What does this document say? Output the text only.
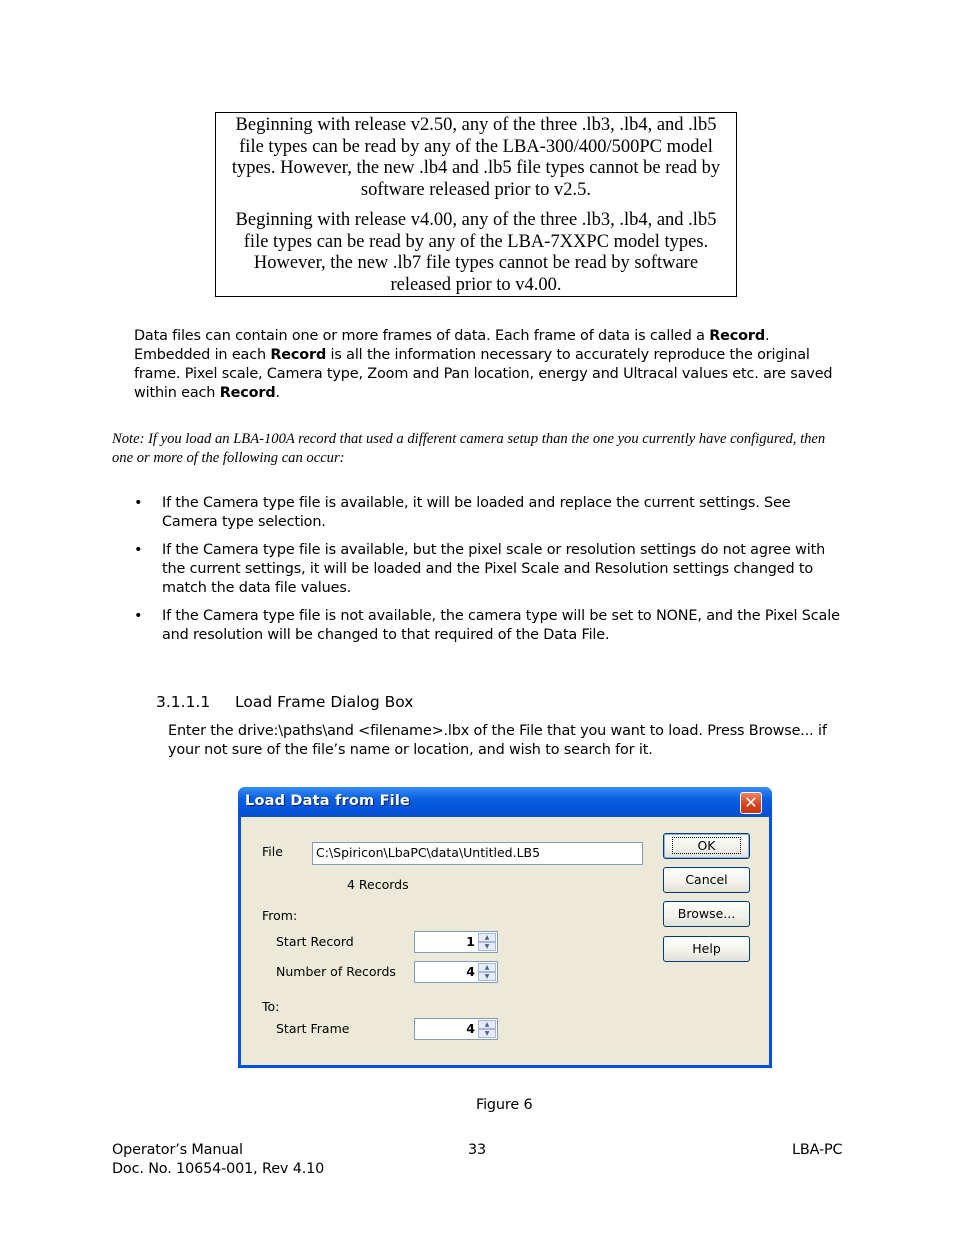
Beginning with release v2.50, any of the three .lb3, .lb4, and .lb5 file types can be read by any of the LBA-300/400/500PC model types. However, the new .lb4 and .lb5 file types cannot be read by software released prior to v2.5.

Beginning with release v4.00, any of the three .lb3, .lb4, and .lb5 file types can be read by any of the LBA-7XXPC model types. However, the new .lb7 file types cannot be read by software released prior to v4.00.

Data files can contain one or more frames of data. Each frame of data is called a Record.
Embedded in each Record is all the information necessary to accurately reproduce the original frame. Pixel scale, Camera type, Zoom and Pan location, energy and Ultracal values etc. are saved within each Record.
Note: If you load an LBA-100A record that used a different camera setup than the one you currently have configured, then one or more of the following can occur:
• If the Camera type file is available, it will be loaded and replace the current settings. See Camera type selection.
• If the Camera type file is available, but the pixel scale or resolution settings do not agree with the current settings, it will be loaded and the Pixel Scale and Resolution settings changed to match the data file values.
• If the Camera type file is not available, the camera type will be set to NONE, and the Pixel Scale and resolution will be changed to that required of the Data File.
3.1.1.1 Load Frame Dialog Box
Enter the drive:\paths\and <filename>.lbx of the File that you want to load. Press Browse... if your not sure of the file’s name or location, and wish to search for it.
Load Data from File	✕
File	C:\Spiricon\LbaPC\data\Untitled.LB5
4 Records
From:
Start Record	1	▲
▼
Number of Records	4	▲
▼
To:
Start Frame	4	▲
▼
OK
Cancel
Browse...
Help
Figure 6
Operator’s Manual
Doc. No. 10654-001, Rev 4.10
33	LBA-PC
